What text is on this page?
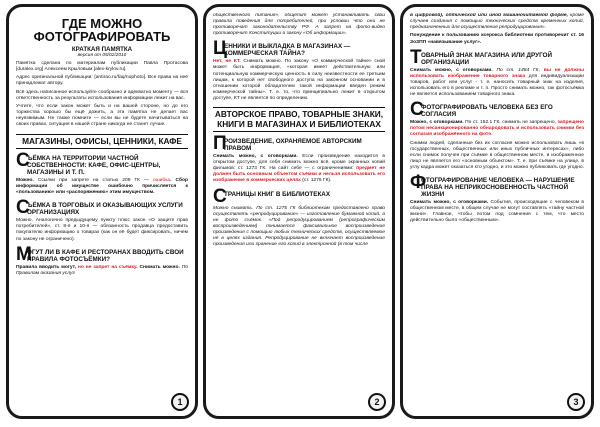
ГДЕ МОЖНО
ФОТОГРАФИРОВАТЬ
КРАТКАЯ ПАМЯТКА
версия от 05/02/2010

Памятка сделана по материалам публикации Павла Протасова [duralex.org] Алексеем Крыловым [alex-krylov.ru].

Адрес оригинальной публикации: [antirao.ru/faq/nophoto]. Все права на неё принадлежат автору.

Всё здесь написанное используйте сообразно и адекватно моменту — вся ответственность за результаты использования информации лежит на вас.

Учтите, что если закон может быть и на вашей стороне, но до его торжества хорошо бы ещё дожить, а эта памятка не делает вас неуязвимым. Не также помните — если вы не будете начитываться на своих правах, ситуация в нашей стране никогда не станет лучше.

МАГАЗИНЫ, ОФИСЫ, ЦЕННИКИ, КАФЕ
С
ЪЁМКА НА ТЕРРИТОРИИ ЧАСТНОЙ СОБСТВЕННОСТИ: КАФЕ, ОФИС-ЦЕНТРЫ, МАГАЗИНЫ И Т. П.

Можно. Ссылки при запрете на статью 209 ГК — ошибка. Сбор информации об имуществе ошибочно причисляется к «пользованию» или «распоряжению» этим имуществом.

С
ЪЁМКА В ТОРГОВЫХ И ОКАЗЫВАЮЩИХ УСЛУГИ ОРГАНИЗАЦИЯХ

Можно. Аналогично предыдущему пункту плюс закон «О защите прав потребителей», ст. 8-я и 10-я — обязанность продавца предоставить покупателю информацию о товарах (как он её будет фиксировать, ничем по закону не ограничено).

М
ОГУТ ЛИ В КАФЕ И РЕСТОРАНАХ ВВОДИТЬ СВОИ ПРАВИЛА ФОТОСЪЁМКИ?

Правила вводить могут, но не запрет на съёмку. Снимать можно. По Правилам оказания услуг

1

общественного питания», общепит может устанавливать свои правила поведения для потребителей, при условии что они не противоречат законодательству РФ. А запрет на фото-видео противоречит Конституции и закону «Об информации».

Ц
ЕННИКИ И ВЫКЛАДКА В МАГАЗИНАХ — КОММЕРЧЕСКАЯ ТАЙНА?

Нет, не КТ. Снимать можно. По закону «О коммерческой тайне» сной может быть информация, «которая имеет действительную или потенциальную коммерческую ценность в силу неизвестности ее третьим лицам, к которой нет свободного доступа на законном основании и в отношении которой обладателем такой информации введен режим коммерческой тайны». Т. е. то, что принципиально лежит в открытом доступе, КТ не является по определению.

АВТОРСКОЕ ПРАВО, ТОВАРНЫЕ ЗНАКИ, КНИГИ В МАГАЗИНАХ И БИБЛИОТЕКАХ
П
РОИЗВЕДЕНИЕ, ОХРАНЯЕМОЕ АВТОРСКИМ ПРАВОМ

Снимать можно, с оговорками. Если произведение находится в открытом доступе, для себя снимать можно всё, кроме экранных копий фильмов: ст. 1273 ГК. На сайт себе — с ограничениями: предмет не должен быть основным объектом съёмки и нельзя использовать его изображение в коммерческих целях (ст. 1276 ГК).

С
ТРАНИЦЫ КНИГ В БИБЛИОТЕКАХ

Можно снимать. По ст. 1275 ГК библиотекам предоставлено право осуществлять «репродуцирование» — изготовление бумажной копий, а не фото съёмок. «Под репродуцированием (репрографическим воспроизведением) понимается факсимильное воспроизведение произведения с помощью любых технических средств, осуществляемое не в целях издания. Репродуцирование не включает воспроизведение произведения или хранение его копий в электронной (в том числе

2

в цифровой), оптической или иной машиночитаемой форме, кроме случаев создания с помощью технических средств временных копий, предназначенных для осуществления репродуцирования».

Понуждение к пользованию ксерокса библиотеки противоречит ст. 16 ЗоЗПП «навязывание услуг».

Т ОВАРНЫЙ ЗНАК МАГАЗИНА ИЛИ ДРУГОЙ ОРГАНИЗАЦИИ

Снимать можно, с оговорками. По ст. 1484 ГК, вы не должны использовать изображение товарного знака для индивидуализации товаров, работ или услуг - т. е. наносить товарный знак на изделия, использовать его в рекламе и т. п. Просто снимать можно, так фотосъёмка не является использованием товарного знака.

С
ФОТОГРАФИРОВАТЬ ЧЕЛОВЕКА БЕЗ ЕГО СОГЛАСИЯ

Можно, с оговорками. По ст. 152.1 ГК, снимать не запрещено, запрещено потом несанкционированно обнародовать и использовать снимки без согласия изображённого на фото.

Снимки людей, сделанные без их согласия можно использовать лишь «в государственных, общественных или иных публичных интересах», либо если снимок получен при съёмке в общественном месте, и изображенное лицо не является его «основным объектом». Т. е. при съёмке на улице, в углу кадра может оказаться кто угодно, и это можно публиковать где угодно.

Ф
ОТОГРАФИРОВАНИЕ ЧЕЛОВЕКА — НАРУШЕНИЕ ПРАВА НА НЕПРИКОСНОВЕННОСТЬ ЧАСТНОЙ ЖИЗНИ

Снимать можно, с оговорками. События, происходящие с человеком в общественном месте, в общем случае не могут составлять «тайну частной жизни». Главное, чтобы потом под сомнения с тем, что место действительно было «общественным».

3
